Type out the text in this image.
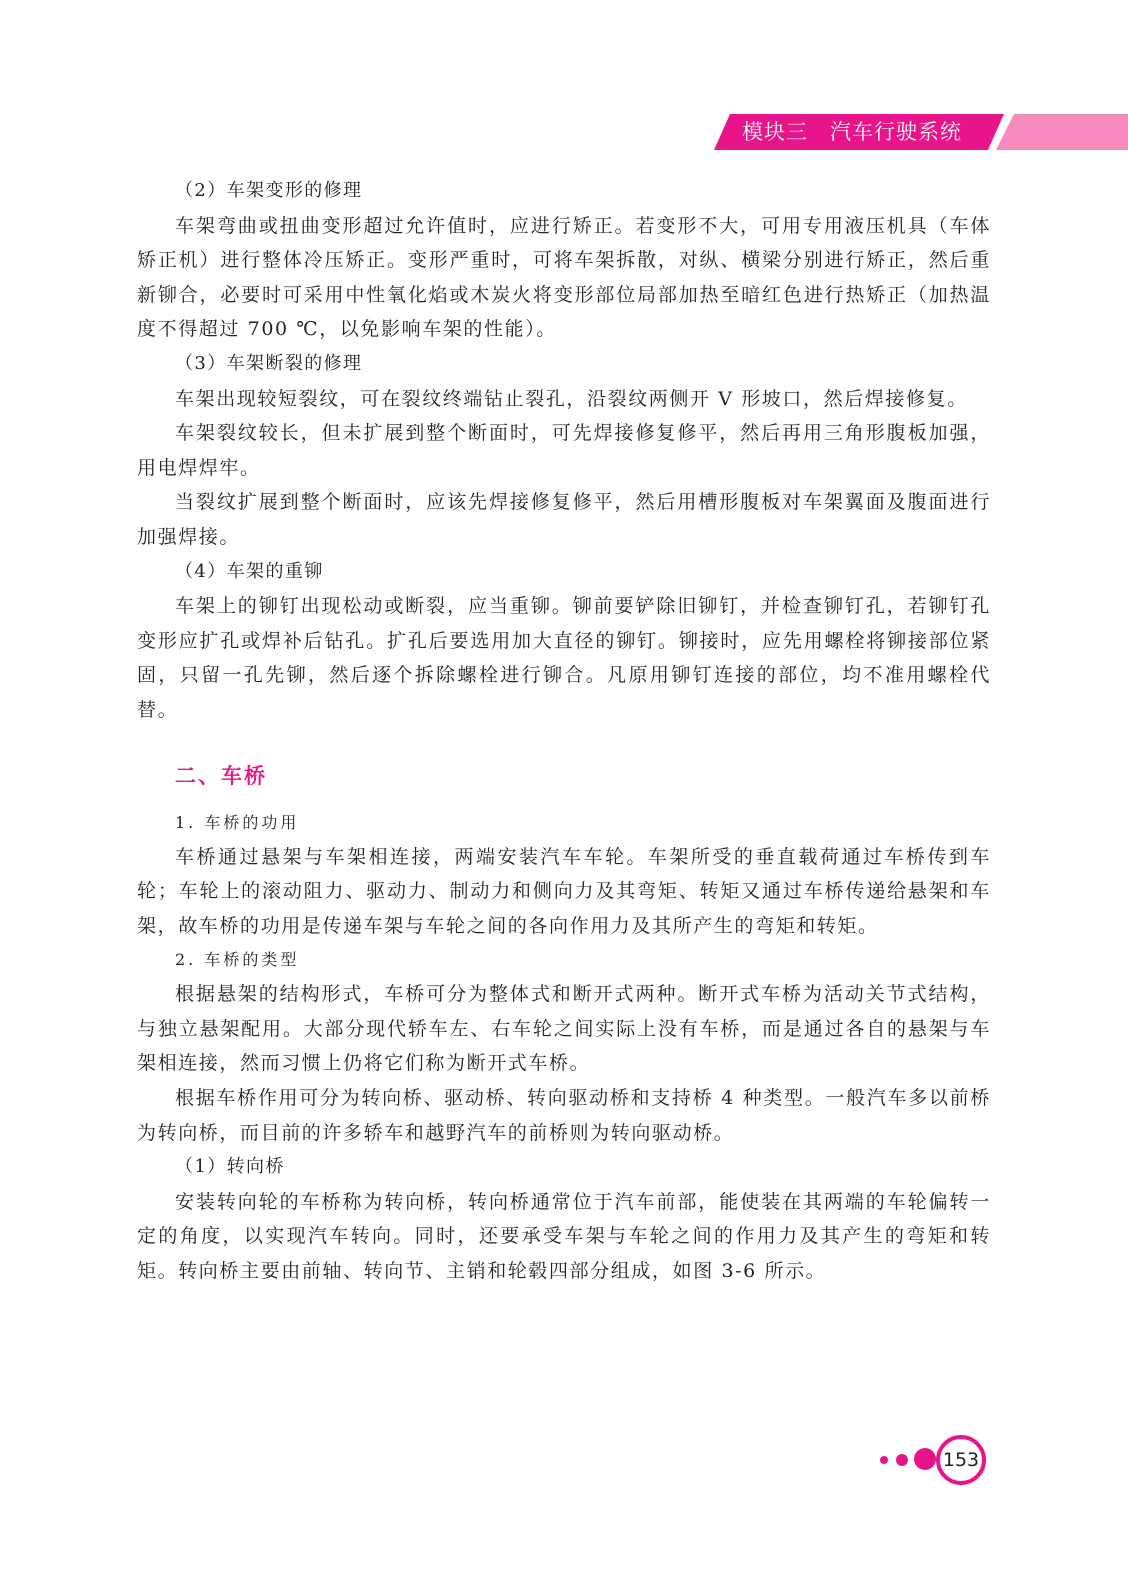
模块三 汽车行驶系统
（2）车架变形的修理

车架弯曲或扭曲变形超过允许值时，应进行矫正。若变形不大，可用专用液压机具（车体矫正机）进行整体冷压矫正。变形严重时，可将车架拆散，对纵、横梁分别进行矫正，然后重新铆合，必要时可采用中性氧化焰或木炭火将变形部位局部加热至暗红色进行热矫正（加热温度不得超过 700 ℃，以免影响车架的性能）。

（3）车架断裂的修理

车架出现较短裂纹，可在裂纹终端钻止裂孔，沿裂纹两侧开 V 形坡口，然后焊接修复。

车架裂纹较长，但未扩展到整个断面时，可先焊接修复修平，然后再用三角形腹板加强，用电焊焊牢。

当裂纹扩展到整个断面时，应该先焊接修复修平，然后用槽形腹板对车架翼面及腹面进行加强焊接。

（4）车架的重铆

车架上的铆钉出现松动或断裂，应当重铆。铆前要铲除旧铆钉，并检查铆钉孔，若铆钉孔变形应扩孔或焊补后钻孔。扩孔后要选用加大直径的铆钉。铆接时，应先用螺栓将铆接部位紧固，只留一孔先铆，然后逐个拆除螺栓进行铆合。凡原用铆钉连接的部位，均不准用螺栓代替。

二、车桥
1. 车桥的功用

车桥通过悬架与车架相连接，两端安装汽车车轮。车架所受的垂直载荷通过车桥传到车轮；车轮上的滚动阻力、驱动力、制动力和侧向力及其弯矩、转矩又通过车桥传递给悬架和车架，故车桥的功用是传递车架与车轮之间的各向作用力及其所产生的弯矩和转矩。

2. 车桥的类型

根据悬架的结构形式，车桥可分为整体式和断开式两种。断开式车桥为活动关节式结构，与独立悬架配用。大部分现代轿车左、右车轮之间实际上没有车桥，而是通过各自的悬架与车架相连接，然而习惯上仍将它们称为断开式车桥。

根据车桥作用可分为转向桥、驱动桥、转向驱动桥和支持桥 4 种类型。一般汽车多以前桥为转向桥，而目前的许多轿车和越野汽车的前桥则为转向驱动桥。

（1）转向桥

安装转向轮的车桥称为转向桥，转向桥通常位于汽车前部，能使装在其两端的车轮偏转一定的角度，以实现汽车转向。同时，还要承受车架与车轮之间的作用力及其产生的弯矩和转矩。转向桥主要由前轴、转向节、主销和轮毂四部分组成，如图 3-6 所示。

153
